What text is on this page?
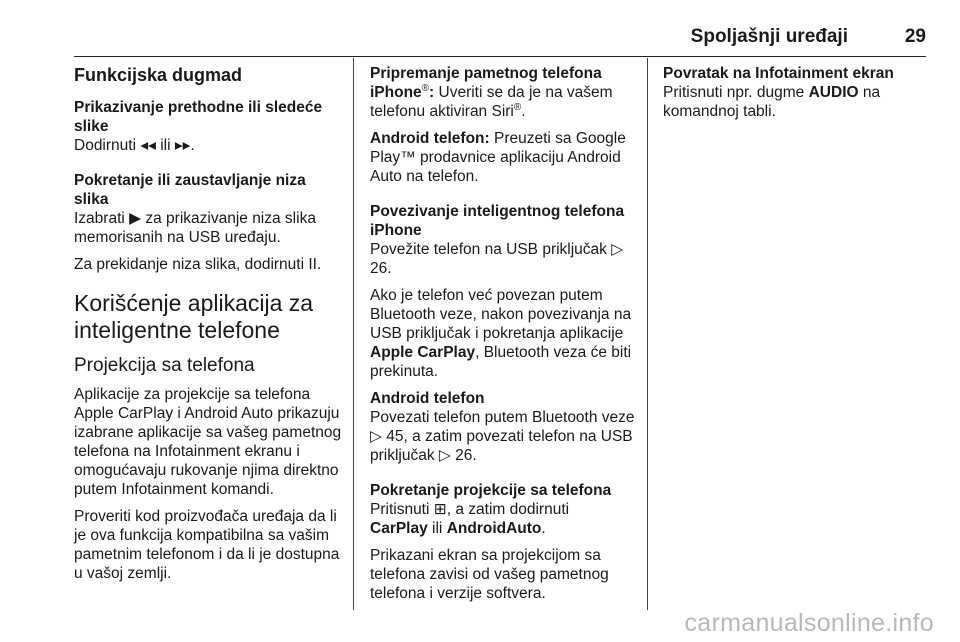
Spoljašnji uređaji	29
Funkcijska dugmad
Prikazivanje prethodne ili sledeće slike

Dodirnuti ◂◂ ili ▸▸.

Pokretanje ili zaustavljanje niza slika

Izabrati ▶ za prikazivanje niza slika memorisanih na USB uređaju.

Za prekidanje niza slika, dodirnuti II.

Korišćenje aplikacija za inteligentne telefone
Projekcija sa telefona

Aplikacije za projekcije sa telefona Apple CarPlay i Android Auto prikazuju izabrane aplikacije sa vašeg pametnog telefona na Infotainment ekranu i omogućavaju rukovanje njima direktno putem Infotainment komandi.

Proveriti kod proizvođača uređaja da li je ova funkcija kompatibilna sa vašim pametnim telefonom i da li je dostupna u vašoj zemlji.

Pripremanje pametnog telefona

iPhone®: Uveriti se da je na vašem telefonu aktiviran Siri®.

Android telefon: Preuzeti sa Google Play™ prodavnice aplikaciju Android Auto na telefon.

Povezivanje inteligentnog telefona
iPhone

Povežite telefon na USB priključak ▷ 26.

Ako je telefon već povezan putem Bluetooth veze, nakon povezivanja na USB priključak i pokretanja aplikacije Apple CarPlay, Bluetooth veza će biti prekinuta.

Android telefon

Povezati telefon putem Bluetooth veze ▷ 45, a zatim povezati telefon na USB priključak ▷ 26.

Pokretanje projekcije sa telefona

Pritisnuti ⊞, a zatim dodirnuti
CarPlay ili AndroidAuto.

Prikazani ekran sa projekcijom sa telefona zavisi od vašeg pametnog telefona i verzije softvera.

Povratak na Infotainment ekran

Pritisnuti npr. dugme AUDIO na komandnoj tabli.

carmanualsonline.info
